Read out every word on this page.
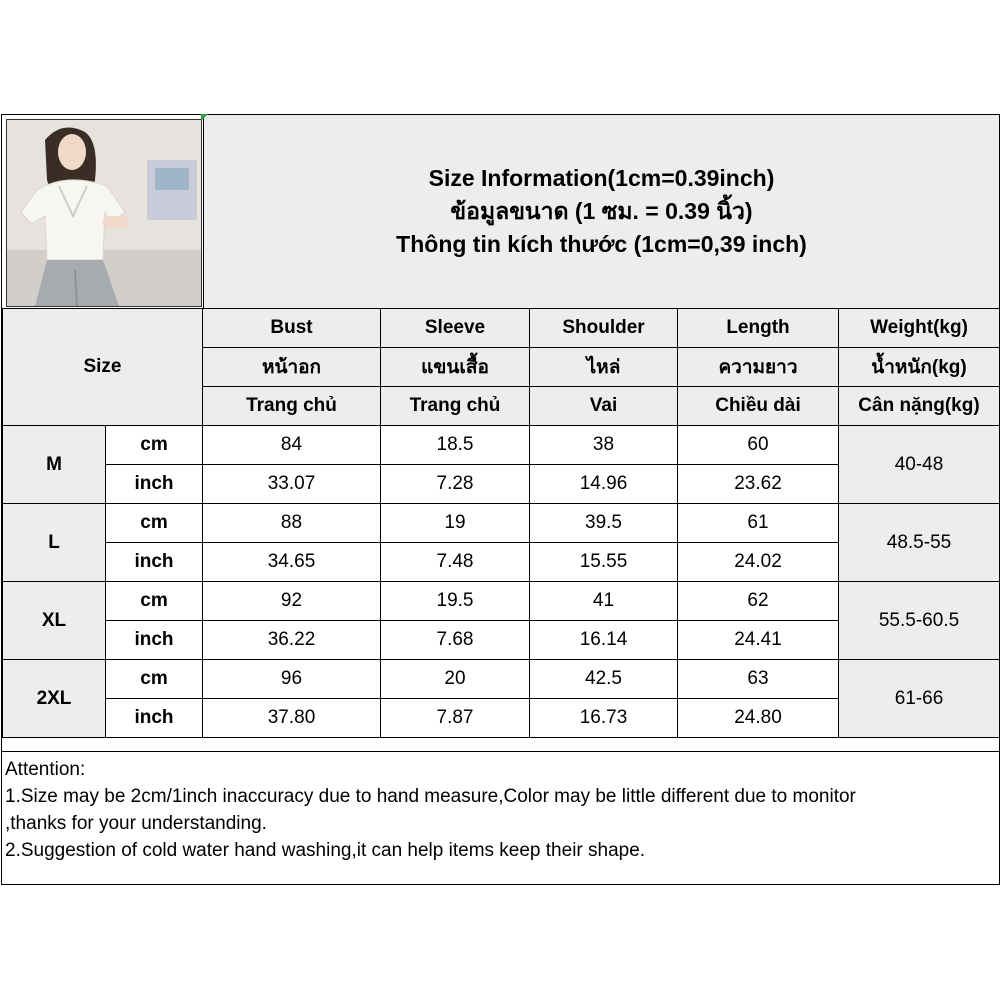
Size Information(1cm=0.39inch)
ข้อมูลขนาด (1 ซม. = 0.39 นิ้ว)
Thông tin kích thước (1cm=0,39 inch)
Size		Bust	Sleeve	Shoulder	Length	Weight(kg)
		หน้าอก	แขนเสื้อ	ไหล่	ความยาว	น้ำหนัก(kg)
		Trang chủ	Trang chủ	Vai	Chiều dài	Cân nặng(kg)
M	cm	84	18.5	38	60	40-48
	inch	33.07	7.28	14.96	23.62	
L	cm	88	19	39.5	61	48.5-55
	inch	34.65	7.48	15.55	24.02	
XL	cm	92	19.5	41	62	55.5-60.5
	inch	36.22	7.68	16.14	24.41	
2XL	cm	96	20	42.5	63	61-66
	inch	37.80	7.87	16.73	24.80	
Attention:
1.Size may be 2cm/1inch inaccuracy due to hand measure,Color may be little different due to monitor
,thanks for your understanding.
2.Suggestion of cold water hand washing,it can help items keep their shape.
